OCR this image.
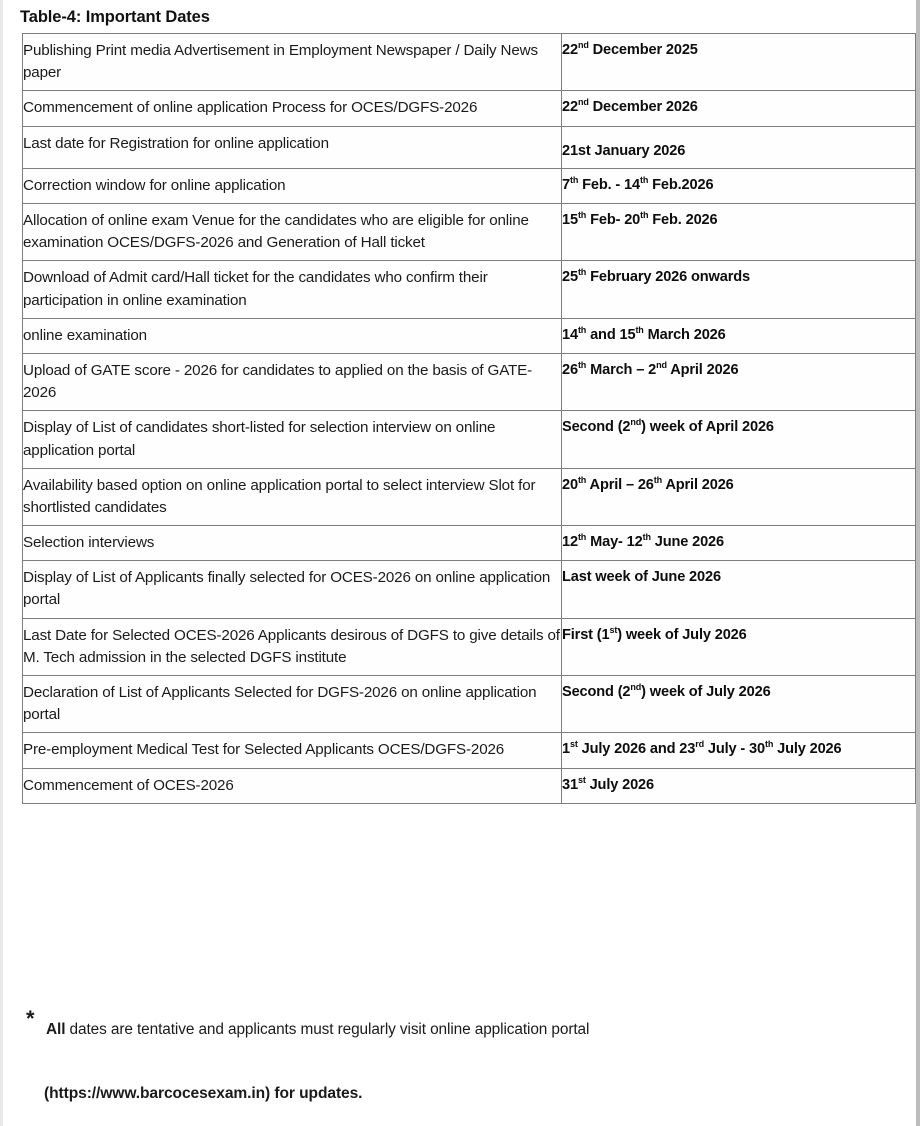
Table-4: Important Dates
Publishing Print media Advertisement in Employment Newspaper / Daily News paper	22nd December 2025
Commencement of online application Process for OCES/DGFS-2026	22nd December 2026
Last date for Registration for online application	21st January 2026
Correction window for online application	7th Feb. - 14th Feb.2026
Allocation of online exam Venue for the candidates who are eligible for online examination OCES/DGFS-2026 and Generation of Hall ticket	15th Feb- 20th Feb. 2026
Download of Admit card/Hall ticket for the candidates who confirm their participation in online examination	25th February 2026 onwards
online examination	14th and 15th March 2026
Upload of GATE score - 2026 for candidates to applied on the basis of GATE-2026	26th March – 2nd April 2026
Display of List of candidates short-listed for selection interview on online application portal	Second (2nd) week of April 2026
Availability based option on online application portal to select interview Slot for shortlisted candidates	20th April – 26th April 2026
Selection interviews	12th May- 12th June 2026
Display of List of Applicants finally selected for OCES-2026 on online application portal	Last week of June 2026
Last Date for Selected OCES-2026 Applicants desirous of DGFS to give details of M. Tech admission in the selected DGFS institute	First (1st) week of July 2026
Declaration of List of Applicants Selected for DGFS-2026 on online application portal	Second (2nd) week of July 2026
Pre-employment Medical Test for Selected Applicants OCES/DGFS-2026	1st July 2026 and 23rd July - 30th July 2026
Commencement of OCES-2026	31st July 2026
* All dates are tentative and applicants must regularly visit online application portal
(https://www.barcocesexam.in) for updates.
